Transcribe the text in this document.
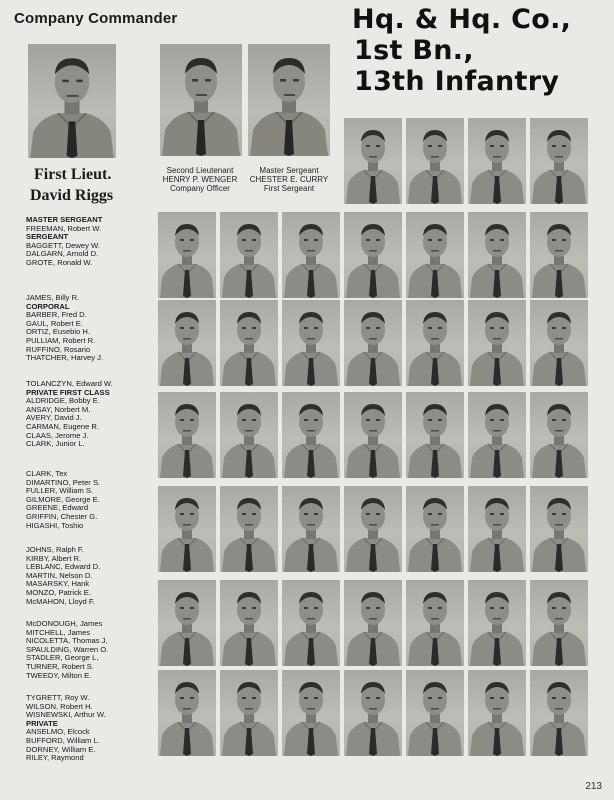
Company Commander	Hq. & Hq. Co.,
1st Bn.,
13th Infantry
First Lieut.
David Riggs
Second Lieutenant
HENRY P. WENGER
Company Officer
Master Sergeant
CHESTER E. CURRY
First Sergeant
MASTER SERGEANT
FREEMAN, Robert W.
SERGEANT
BAGGETT, Dewey W.
DALGARN, Arnold D.
GROTE, Ronald W.
JAMES, Billy R.
CORPORAL
BARBER, Fred D.
GAUL, Robert E.
ORTIZ, Eusebio H.
PULLIAM, Robert R.
RUFFINO, Rosario
THATCHER, Harvey J.
TOLANCZYN, Edward W.
PRIVATE FIRST CLASS
ALDRIDGE, Bobby E.
ANSAY, Norbert M.
AVERY, David J.
CARMAN, Eugene R.
CLAAS, Jerome J.
CLARK, Junior L.
CLARK, Tex
DIMARTINO, Peter S.
FULLER, William S.
GILMORE, George E.
GREENE, Edward
GRIFFIN, Chester G.
HIGASHI, Toshio
JOHNS, Ralph F.
KIRBY, Albert R.
LEBLANC, Edward D.
MARTIN, Nelson D.
MASARSKY, Hank
MONZO, Patrick E.
McMAHON, Lloyd F.
McDONOUGH, James
MITCHELL, James
NICOLETTA, Thomas J.
SPAULDING, Warren O.
STADLER, George L.
TURNER, Robert S.
TWEEDY, Milton E.
TYGRETT, Roy W.
WILSON, Robert H.
WISNEWSKI, Arthur W.
PRIVATE
ANSELMO, Elcock
BUFFORD, William L.
DORNEY, William E.
RILEY, Raymond
213
